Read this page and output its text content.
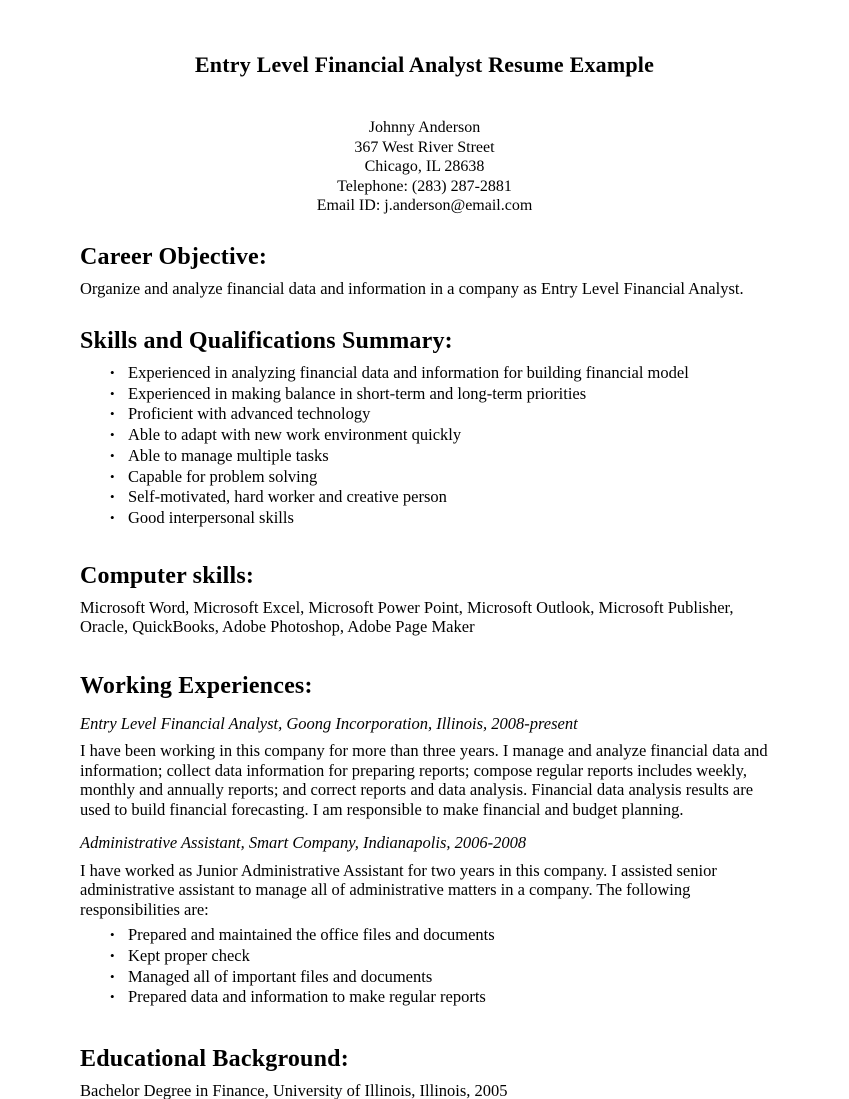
Entry Level Financial Analyst Resume Example
Johnny Anderson
367 West River Street
Chicago, IL 28638
Telephone: (283) 287-2881
Email ID: j.anderson@email.com
Career Objective:

Organize and analyze financial data and information in a company as Entry Level Financial Analyst.

Skills and Qualifications Summary:
• Experienced in analyzing financial data and information for building financial model
• Experienced in making balance in short-term and long-term priorities
• Proficient with advanced technology
• Able to adapt with new work environment quickly
• Able to manage multiple tasks
• Capable for problem solving
• Self-motivated, hard worker and creative person
• Good interpersonal skills
Computer skills:

Microsoft Word, Microsoft Excel, Microsoft Power Point, Microsoft Outlook, Microsoft Publisher, Oracle, QuickBooks, Adobe Photoshop, Adobe Page Maker

Working Experiences:

Entry Level Financial Analyst, Goong Incorporation, Illinois, 2008-present

I have been working in this company for more than three years. I manage and analyze financial data and information; collect data information for preparing reports; compose regular reports includes weekly, monthly and annually reports; and correct reports and data analysis. Financial data analysis results are used to build financial forecasting. I am responsible to make financial and budget planning.

Administrative Assistant, Smart Company, Indianapolis, 2006-2008

I have worked as Junior Administrative Assistant for two years in this company. I assisted senior administrative assistant to manage all of administrative matters in a company. The following responsibilities are:

• Prepared and maintained the office files and documents
• Kept proper check
• Managed all of important files and documents
• Prepared data and information to make regular reports
Educational Background:

Bachelor Degree in Finance, University of Illinois, Illinois, 2005
